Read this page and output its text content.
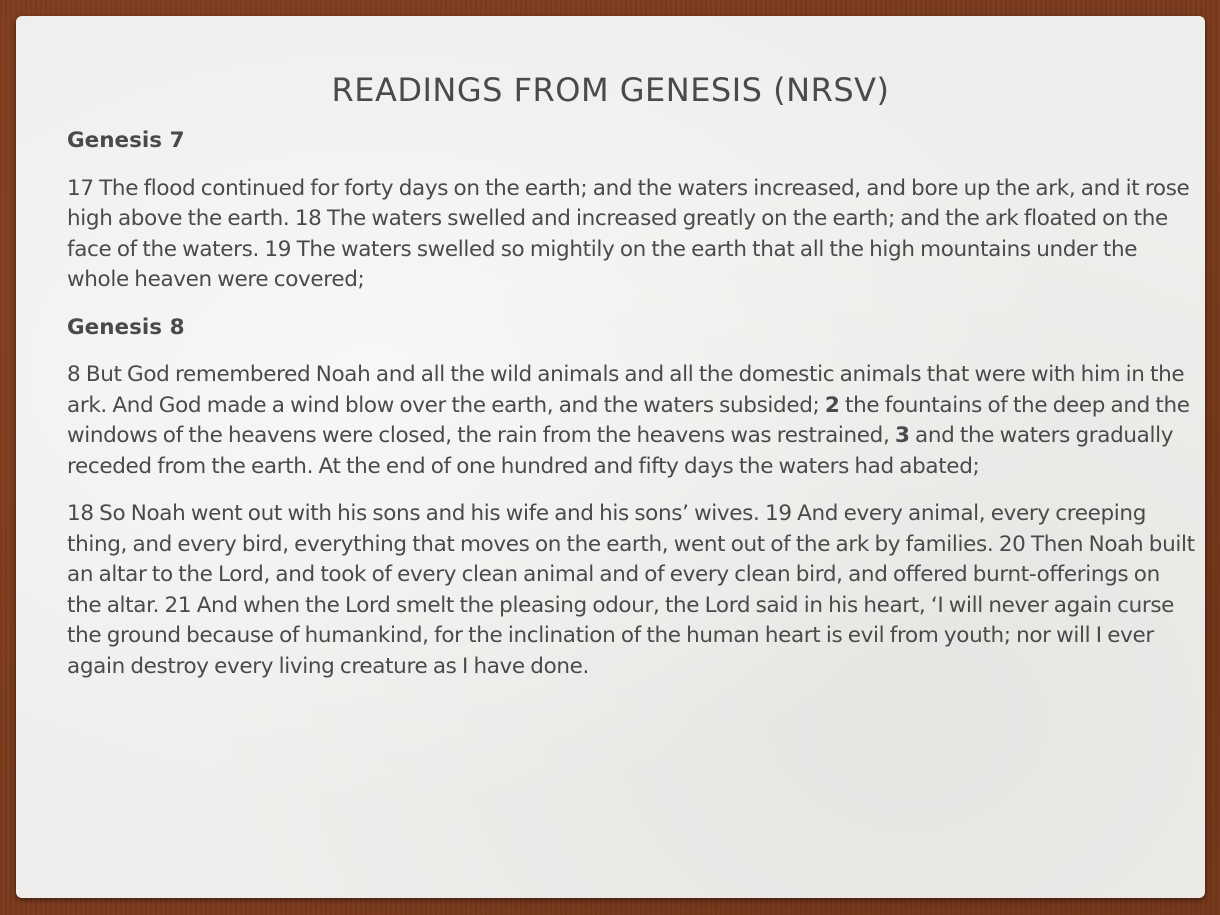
READINGS FROM GENESIS (NRSV)
Genesis 7

17 The flood continued for forty days on the earth; and the waters increased, and bore up the ark, and it rose high above the earth. 18 The waters swelled and increased greatly on the earth; and the ark floated on the face of the waters. 19 The waters swelled so mightily on the earth that all the high mountains under the whole heaven were covered;

Genesis 8

8 But God remembered Noah and all the wild animals and all the domestic animals that were with him in the ark. And God made a wind blow over the earth, and the waters subsided; 2 the fountains of the deep and the windows of the heavens were closed, the rain from the heavens was restrained, 3 and the waters gradually receded from the earth. At the end of one hundred and fifty days the waters had abated;

18 So Noah went out with his sons and his wife and his sons’ wives. 19 And every animal, every creeping thing, and every bird, everything that moves on the earth, went out of the ark by families. 20 Then Noah built an altar to the Lord, and took of every clean animal and of every clean bird, and offered burnt-offerings on the altar. 21 And when the Lord smelt the pleasing odour, the Lord said in his heart, ‘I will never again curse the ground because of humankind, for the inclination of the human heart is evil from youth; nor will I ever again destroy every living creature as I have done.
